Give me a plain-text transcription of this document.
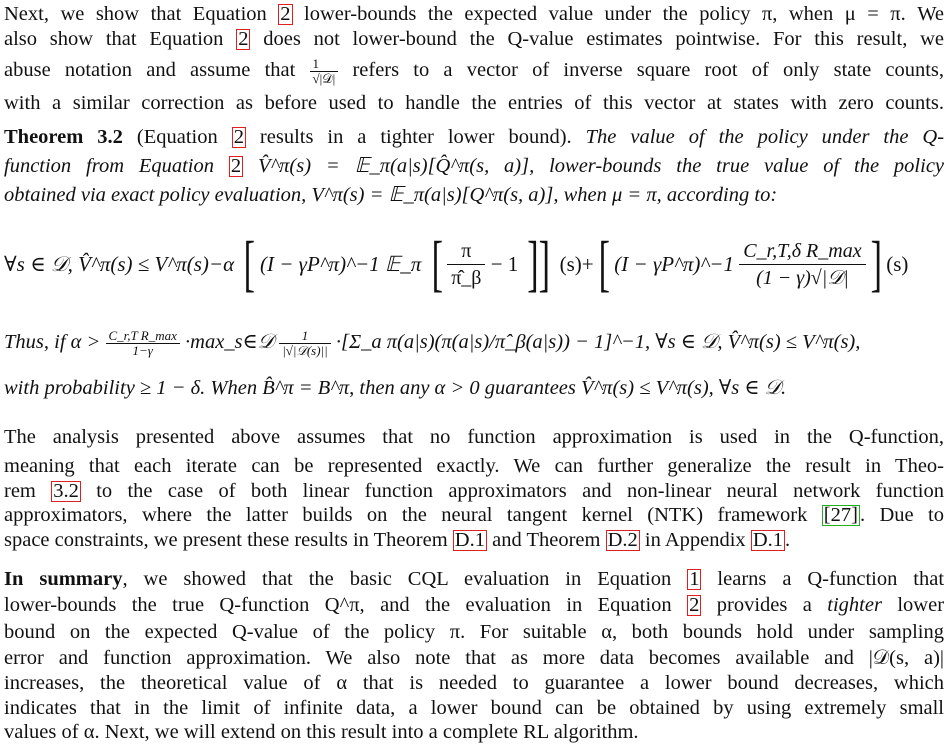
Next, we show that Equation 2 lower-bounds the expected value under the policy π, when μ = π. We
also show that Equation 2 does not lower-bound the Q-value estimates pointwise. For this result, we
abuse notation and assume that $\frac{1}{\text{√|𝒟|}}$ refers to a vector of inverse square root of only state counts,
with a similar correction as before used to handle the entries of this vector at states with zero counts.
Theorem 3.2 (Equation 2 results in a tighter lower bound). The value of the policy under the Q-
function from Equation 2 V̂^π(s) = 𝔼_π(a|s)[Q̂^π(s, a)], lower-bounds the true value of the policy
obtained via exact policy evaluation, V^π(s) = 𝔼_π(a|s)[Q^π(s, a)], when μ = π, according to:
∀s ∈ 𝒟, V̂^π(s) ≤ V^π(s)−α [ (I − γP^π)^−1 𝔼_π [ $\frac{\pi}{\pî\_\beta} - 1$ ]] (s)+[ (I − γP^π)^−1 $\frac{\text{C\_r,T,δ R\_max}}{\text{(1 − γ)√|𝒟|}}$ ] (s)
Thus, if $\alpha > \frac{\text{C\_r,T R\_max}}{1-\gamma}$ ·max_s∈𝒟 $\frac{1}{\text{|√|𝒟(s)||}}$ ·[Σ_a π(a|s)(π(a|s)/π̂_β(a|s)) − 1]^−1, ∀s ∈ 𝒟, V̂^π(s) ≤ V^π(s),
with probability ≥ 1 − δ. When B̂^π = B^π, then any α > 0 guarantees V̂^π(s) ≤ V^π(s), ∀s ∈ 𝒟.
The analysis presented above assumes that no function approximation is used in the Q-function,
meaning that each iterate can be represented exactly. We can further generalize the result in Theo-
rem 3.2 to the case of both linear function approximators and non-linear neural network function
approximators, where the latter builds on the neural tangent kernel (NTK) framework [27]. Due to
space constraints, we present these results in Theorem D.1 and Theorem D.2 in Appendix D.1.
In summary, we showed that the basic CQL evaluation in Equation 1 learns a Q-function that
lower-bounds the true Q-function Q^π, and the evaluation in Equation 2 provides a tighter lower
bound on the expected Q-value of the policy π. For suitable α, both bounds hold under sampling
error and function approximation. We also note that as more data becomes available and |𝒟(s, a)|
increases, the theoretical value of α that is needed to guarantee a lower bound decreases, which
indicates that in the limit of infinite data, a lower bound can be obtained by using extremely small
values of α. Next, we will extend on this result into a complete RL algorithm.
